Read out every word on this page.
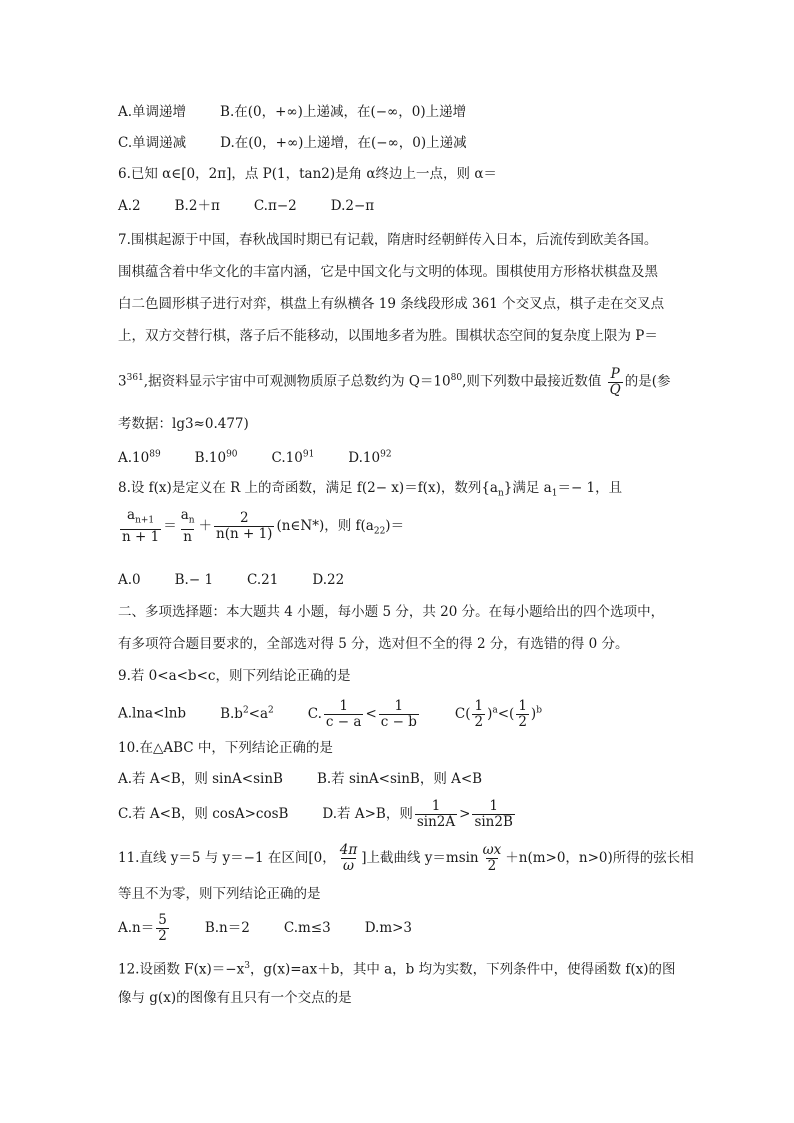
A.单调递增	B.在(0，+∞)上递减，在(−∞，0)上递增
C.单调递减	D.在(0，+∞)上递增，在(−∞，0)上递减
6.已知 α∈[0，2π]，点 P(1，tan2)是角 α终边上一点，则 α＝
A.2	B.2＋π	C.π−2	D.2−π
7.围棋起源于中国，春秋战国时期已有记载，隋唐时经朝鲜传入日本，后流传到欧美各国。
围棋蕴含着中华文化的丰富内涵，它是中国文化与文明的体现。围棋使用方形格状棋盘及黑
白二色圆形棋子进行对弈，棋盘上有纵横各 19 条线段形成 361 个交叉点，棋子走在交叉点
上，双方交替行棋，落子后不能移动，以围地多者为胜。围棋状态空间的复杂度上限为 P＝
$3^{361}$,据资料显示宇宙中可观测物质原子总数约为 $Q=10^{80}$,则下列数中最接近数值 $\frac{P}{Q}$ 的是(参
考数据：lg3≈0.477)
$A.10^{89}$	$B.10^{90}$	$C.10^{91}$	$D.10^{92}$
8.设 f(x)是定义在 R 上的奇函数，满足 f(2− x)＝f(x)，数列$\{a_n\}$满足 $a_1=- 1$，且
$\frac{a_{n+1}}{n + 1} = \frac{a_n}{n} + \frac{2}{n(n + 1)}$ (n∈N*)，则 $f(a_{22})=$
A.0	B.− 1	C.21	D.22
二、多项选择题：本大题共 4 小题，每小题 5 分，共 20 分。在每小题给出的四个选项中，
有多项符合题目要求的，全部选对得 5 分，选对但不全的得 2 分，有选错的得 0 分。
9.若 0<a<b<c，则下列结论正确的是
A.lna<lnb	$B.b^2<a^2$	C. $\frac{1}{c - a} < \frac{1}{c - b}$	$C( \frac{1}{2} )^a<( \frac{1}{2} )^b$
10.在△ABC 中，下列结论正确的是
A.若 A<B，则 sinA<sinB	B.若 sinA<sinB，则 A<B
C.若 A<B，则 cosA>cosB	D.若 A>B，则 $\frac{1}{\sin 2A} > \frac{1}{\sin 2B}$
11.直线 y＝5 与 y＝−1 在区间[0， $\frac{4\pi}{\omega}$ ]上截曲线 $y=msin \frac{\omega x}{2} +n(m>0$，n>0)所得的弦长相
等且不为零，则下列结论正确的是
$A.n= \frac{5}{2}$	B.n＝2	C.m≤3	D.m>3
12.设函数 $F(x)=-x^3$，g(x)=ax＋b，其中 a，b 均为实数，下列条件中，使得函数 f(x)的图
像与 g(x)的图像有且只有一个交点的是
